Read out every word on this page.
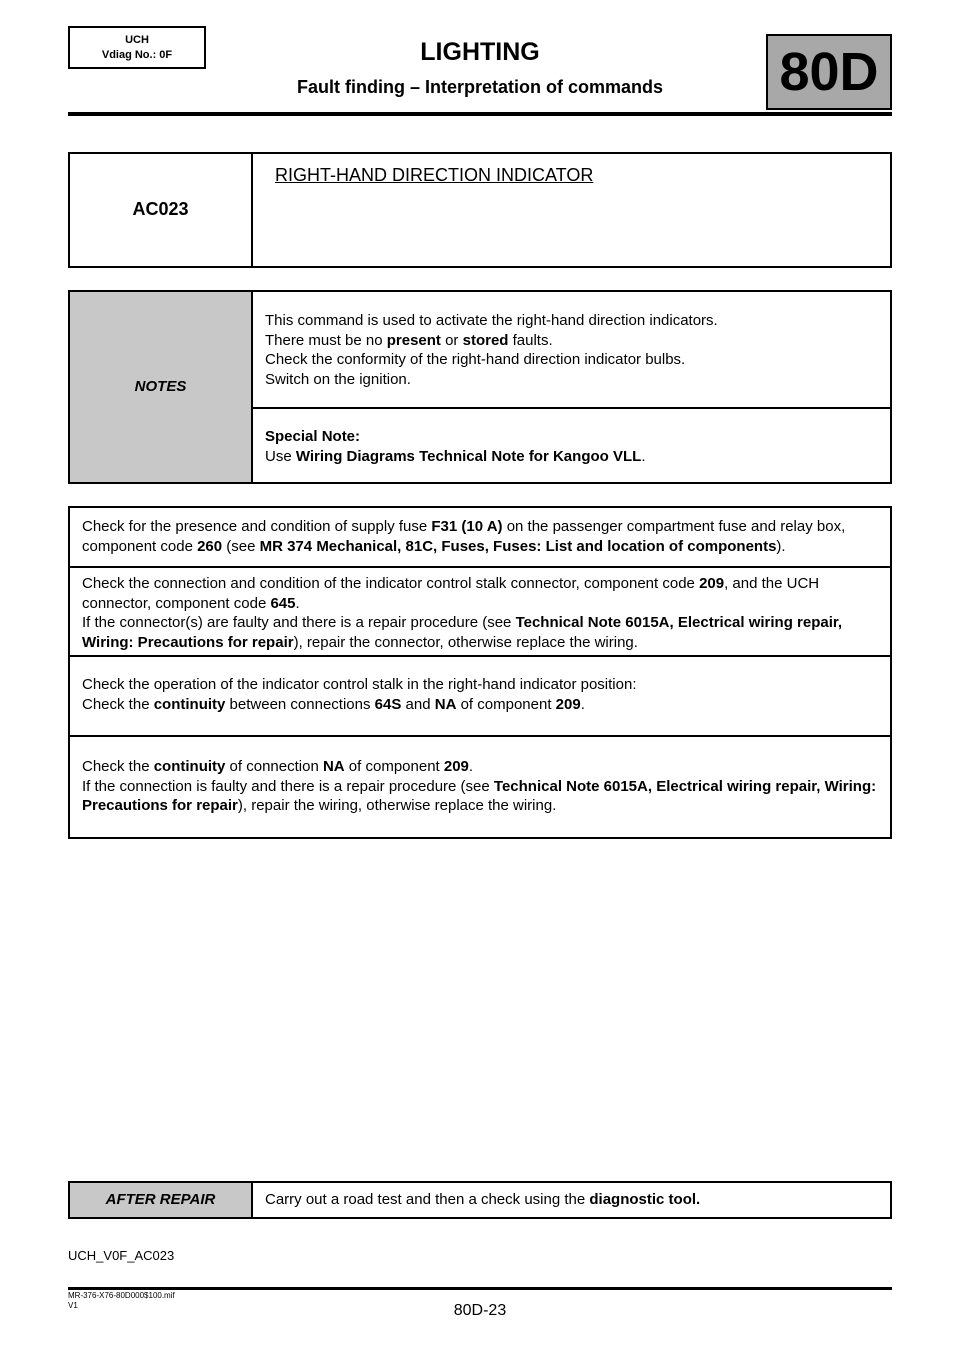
UCH
Vdiag No.: 0F	LIGHTING
Fault finding – Interpretation of commands	80D
AC023	RIGHT-HAND DIRECTION INDICATOR
NOTES	
This command is used to activate the right-hand direction indicators.
There must be no present or stored faults.
Check the conformity of the right-hand direction indicator bulbs.
Switch on the ignition.

Special Note:
Use Wiring Diagrams Technical Note for Kangoo VLL.
Check for the presence and condition of supply fuse F31 (10 A) on the passenger compartment fuse and relay box, component code 260 (see MR 374 Mechanical, 81C, Fuses, Fuses: List and location of components).
Check the connection and condition of the indicator control stalk connector, component code 209, and the UCH connector, component code 645.
If the connector(s) are faulty and there is a repair procedure (see Technical Note 6015A, Electrical wiring repair, Wiring: Precautions for repair), repair the connector, otherwise replace the wiring.
Check the operation of the indicator control stalk in the right-hand indicator position:
Check the continuity between connections 64S and NA of component 209.
Check the continuity of connection NA of component 209.
If the connection is faulty and there is a repair procedure (see Technical Note 6015A, Electrical wiring repair, Wiring: Precautions for repair), repair the wiring, otherwise replace the wiring.
AFTER REPAIR	Carry out a road test and then a check using the diagnostic tool.
UCH_V0F_AC023
MR-376-X76-80D000$100.mif
V1	80D-23
